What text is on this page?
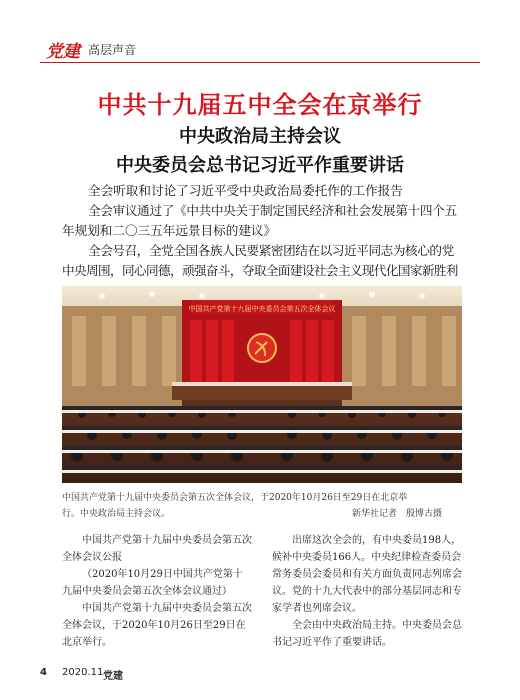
党建 高层声音
中共十九届五中全会在京举行
中央政治局主持会议
中央委员会总书记习近平作重要讲话
全会听取和讨论了习近平受中央政治局委托作的工作报告
全会审议通过了《中共中央关于制定国民经济和社会发展第十四个五
年规划和二〇三五年远景目标的建议》
全会号召，全党全国各族人民要紧密团结在以习近平同志为核心的党
中央周围，同心同德，顽强奋斗，夺取全面建设社会主义现代化国家新胜利
中国共产党第十九届中央委员会第五次全体会议
中国共产党第十九届中央委员会第五次全体会议，于2020年10月26日至29日在北京举
行。中央政治局主持会议。	新华社记者　殷博古摄

中国共产党第十九届中央委员会第五次全体会议公报

（2020年10月29日中国共产党第十九届中央委员会第五次全体会议通过）

中国共产党第十九届中央委员会第五次全体会议，于2020年10月26日至29日在北京举行。

出席这次全会的，有中央委员198人，候补中央委员166人。中央纪律检查委员会常务委员会委员和有关方面负责同志列席会议。党的十九大代表中的部分基层同志和专家学者也列席会议。

全会由中央政治局主持。中央委员会总书记习近平作了重要讲话。

4 2020.11 党建
